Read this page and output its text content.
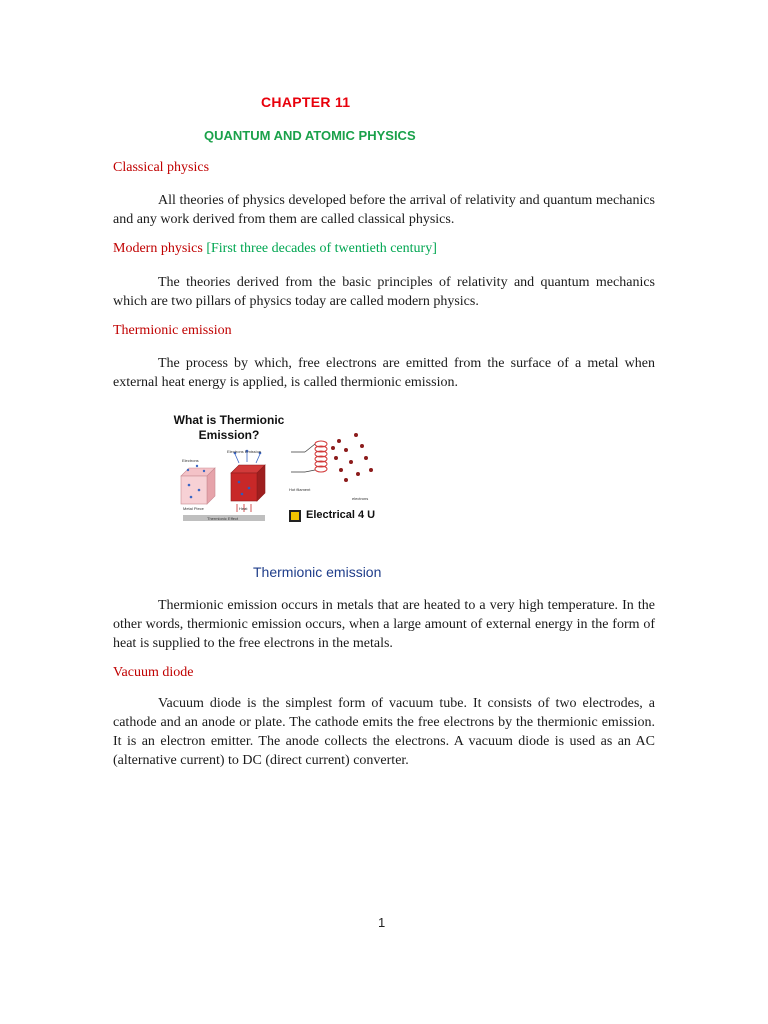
CHAPTER 11
QUANTUM AND ATOMIC PHYSICS
Classical physics
All theories of physics developed before the arrival of relativity and quantum mechanics and any work derived from them are called classical physics.
Modern physics [First three decades of twentieth century]
The theories derived from the basic principles of relativity and quantum mechanics which are two pillars of physics today are called modern physics.
Thermionic emission
The process by which, free electrons are emitted from the surface of a metal when external heat energy is applied, is called thermionic emission.
What is Thermionic Emission?
Electrons
Electrons Emission
Metal Piece	Heat
Thermionic Effect
Hot filament
electrons
Electrical 4 U
Thermionic emission
Thermionic emission occurs in metals that are heated to a very high temperature. In the other words, thermionic emission occurs, when a large amount of external energy in the form of heat is supplied to the free electrons in the metals.
Vacuum diode
Vacuum diode is the simplest form of vacuum tube. It consists of two electrodes, a cathode and an anode or plate. The cathode emits the free electrons by the thermionic emission. It is an electron emitter. The anode collects the electrons. A vacuum diode is used as an AC (alternative current) to DC (direct current) converter.
1
